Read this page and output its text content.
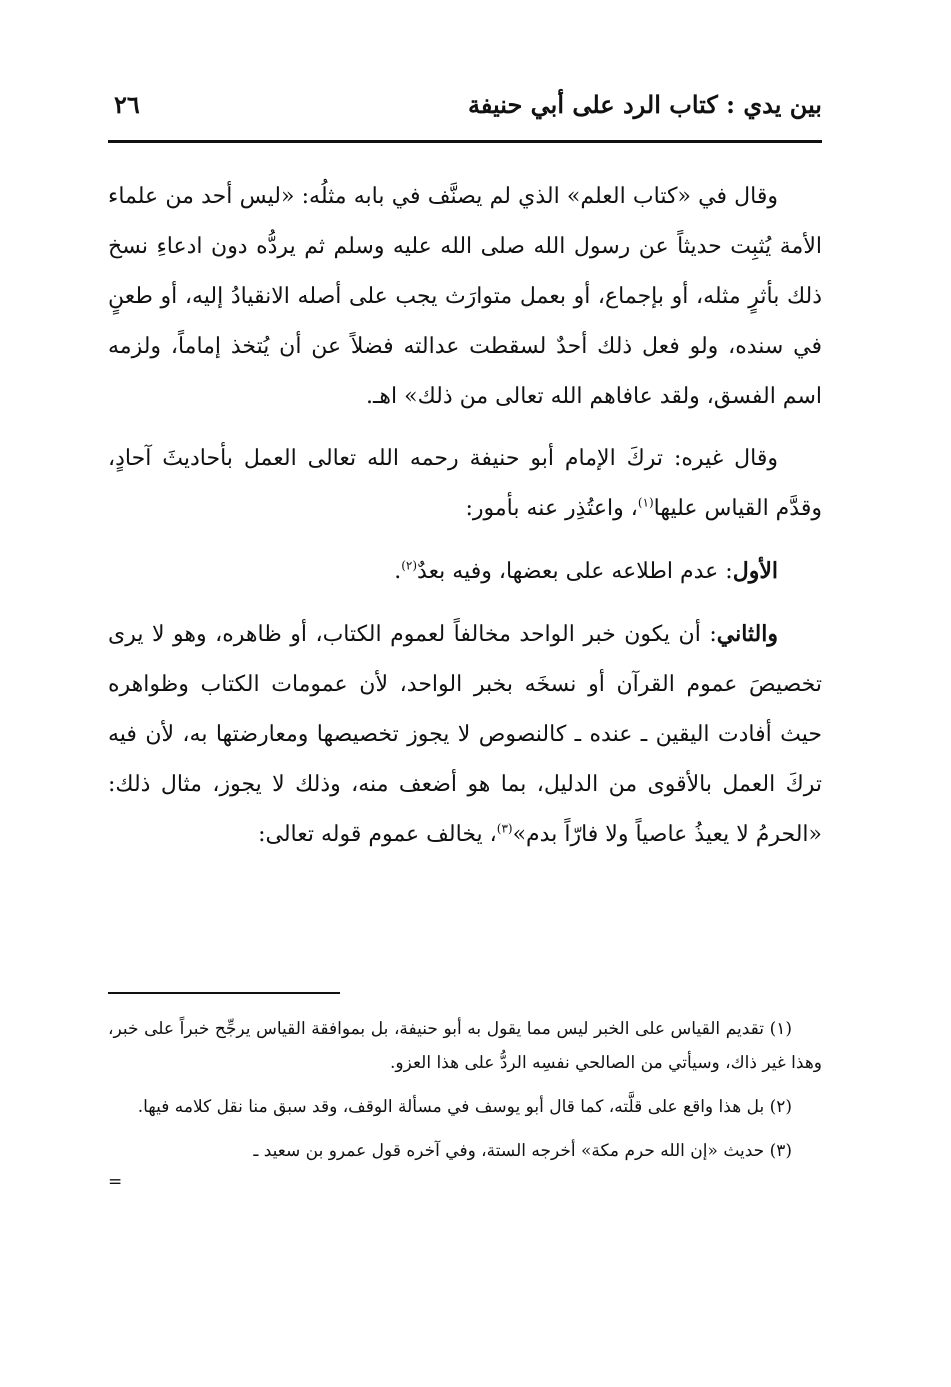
بين يدي : كتاب الرد على أبي حنيفة
٢٦

وقال في «كتاب العلم» الذي لم يصنَّف في بابه مثلُه: «ليس أحد من علماء الأمة يُثبِت حديثاً عن رسول الله صلى الله عليه وسلم ثم يردُّه دون ادعاءِ نسخ ذلك بأثرٍ مثله، أو بإجماع، أو بعمل متوارَث يجب على أصله الانقيادُ إليه، أو طعنٍ في سنده، ولو فعل ذلك أحدٌ لسقطت عدالته فضلاً عن أن يُتخذ إماماً، ولزمه اسم الفسق، ولقد عافاهم الله تعالى من ذلك» اهـ.

وقال غيره: تركَ الإمام أبو حنيفة رحمه الله تعالى العمل بأحاديثَ آحادٍ، وقدَّم القياس عليها$^{(١)}$، واعتُذِر عنه بأمور:

الأول: عدم اطلاعه على بعضها، وفيه بعدٌ$^{(٢)}$.

والثاني: أن يكون خبر الواحد مخالفاً لعموم الكتاب، أو ظاهره، وهو لا يرى تخصيصَ عموم القرآن أو نسخَه بخبر الواحد، لأن عمومات الكتاب وظواهره حيث أفادت اليقين ـ عنده ـ كالنصوص لا يجوز تخصيصها ومعارضتها به، لأن فيه تركَ العمل بالأقوى من الدليل، بما هو أضعف منه، وذلك لا يجوز، مثال ذلك: «الحرمُ لا يعيذُ عاصياً ولا فارّاً بدم»$^{(٣)}$، يخالف عموم قوله تعالى:

(١) تقديم القياس على الخبر ليس مما يقول به أبو حنيفة، بل بموافقة القياس يرجِّح خبراً على خبر، وهذا غير ذاك، وسيأتي من الصالحي نفسِه الردُّ على هذا العزو.

(٢) بل هذا واقع على قلَّته، كما قال أبو يوسف في مسألة الوقف، وقد سبق منا نقل كلامه فيها.

(٣) حديث «إن الله حرم مكة» أخرجه الستة، وفي آخره قول عمرو بن سعيد ـ

=
